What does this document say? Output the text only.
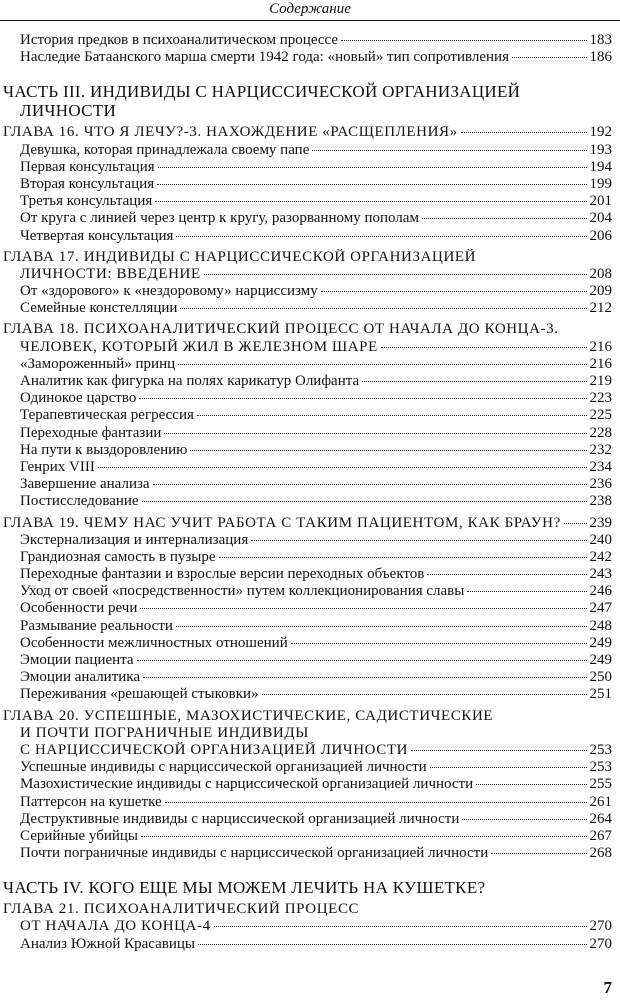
Содержание
История предков в психоаналитическом процессе	183
Наследие Батаанского марша смерти 1942 года: «новый» тип сопротивления	186
ЧАСТЬ III. ИНДИВИДЫ С НАРЦИССИЧЕСКОЙ ОРГАНИЗАЦИЕЙ
ЛИЧНОСТИ
ГЛАВА 16. ЧТО Я ЛЕЧУ?-3. НАХОЖДЕНИЕ «РАСЩЕПЛЕНИЯ»	192
Девушка, которая принадлежала своему папе	193
Первая консультация	194
Вторая консультация	199
Третья консультация	201
От круга с линией через центр к кругу, разорванному пополам	204
Четвертая консультация	206
ГЛАВА 17. ИНДИВИДЫ С НАРЦИССИЧЕСКОЙ ОРГАНИЗАЦИЕЙ
ЛИЧНОСТИ: ВВЕДЕНИЕ	208
От «здорового» к «нездоровому» нарциссизму	209
Семейные констелляции	212
ГЛАВА 18. ПСИХОАНАЛИТИЧЕСКИЙ ПРОЦЕСС ОТ НАЧАЛА ДО КОНЦА-3.
ЧЕЛОВЕК, КОТОРЫЙ ЖИЛ В ЖЕЛЕЗНОМ ШАРЕ	216
«Замороженный» принц	216
Аналитик как фигурка на полях карикатур Олифанта	219
Одинокое царство	223
Терапевтическая регрессия	225
Переходные фантазии	228
На пути к выздоровлению	232
Генрих VIII	234
Завершение анализа	236
Постисследование	238
ГЛАВА 19. ЧЕМУ НАС УЧИТ РАБОТА С ТАКИМ ПАЦИЕНТОМ, КАК БРАУН? 239
Экстернализация и интернализация	240
Грандиозная самость в пузыре	242
Переходные фантазии и взрослые версии переходных объектов	243
Уход от своей «посредственности» путем коллекционирования славы	246
Особенности речи	247
Размывание реальности	248
Особенности межличностных отношений	249
Эмоции пациента	249
Эмоции аналитика	250
Переживания «решающей стыковки»	251
ГЛАВА 20. УСПЕШНЫЕ, МАЗОХИСТИЧЕСКИЕ, САДИСТИЧЕСКИЕ
И ПОЧТИ ПОГРАНИЧНЫЕ ИНДИВИДЫ
С НАРЦИССИЧЕСКОЙ ОРГАНИЗАЦИЕЙ ЛИЧНОСТИ	253
Успешные индивиды с нарциссической организацией личности	253
Мазохистические индивиды с нарциссической организацией личности	255
Паттерсон на кушетке	261
Деструктивные индивиды с нарциссической организацией личности	264
Серийные убийцы	267
Почти пограничные индивиды с нарциссической организацией личности	268
ЧАСТЬ IV. КОГО ЕЩЕ МЫ МОЖЕМ ЛЕЧИТЬ НА КУШЕТКЕ?
ГЛАВА 21. ПСИХОАНАЛИТИЧЕСКИЙ ПРОЦЕСС
ОТ НАЧАЛА ДО КОНЦА-4	270
Анализ Южной Красавицы	270
7
